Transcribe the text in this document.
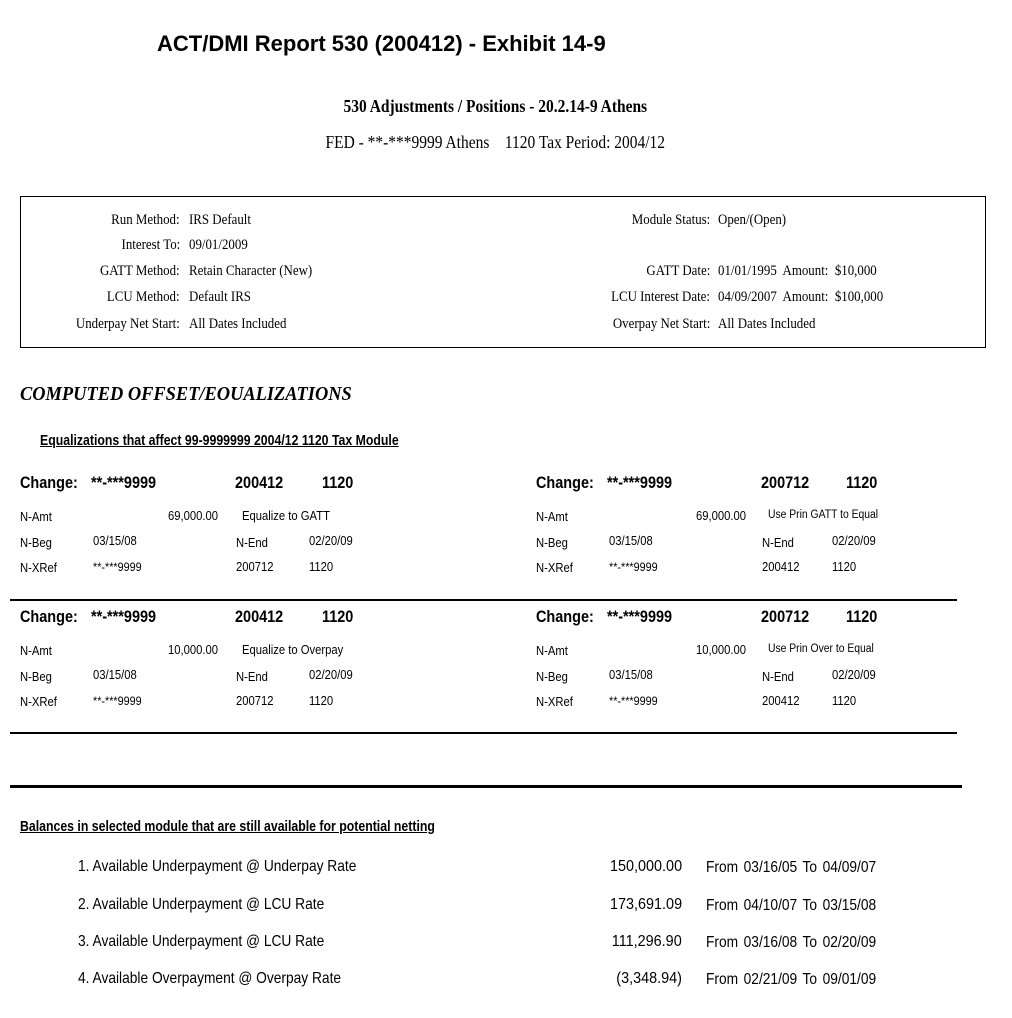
ACT/DMI Report 530 (200412) - Exhibit 14-9
530 Adjustments / Positions - 20.2.14-9 Athens
FED - **-***9999 Athens    1120 Tax Period: 2004/12
Run Method: IRS Default
Interest To: 09/01/2009
GATT Method: Retain Character (New)
LCU Method: Default IRS
Underpay Net Start: All Dates Included
Module Status: Open/(Open)
GATT Date: 01/01/1995  Amount:  $10,000
LCU Interest Date: 04/09/2007  Amount:  $100,000
Overpay Net Start: All Dates Included
COMPUTED OFFSET/EOUALIZATIONS
Equalizations that affect 99-9999999 2004/12 1120 Tax Module
Change: **-***9999	200412 1120
N-Amt	69,000.00 Equalize to GATT
N-Beg	03/15/08	N-End	02/20/09
N-XRef	**-***9999	200712	1120
Change: **-***9999	200712 1120
N-Amt	69,000.00 Use Prin GATT to Equal
N-Beg	03/15/08	N-End	02/20/09
N-XRef	**-***9999	200412	1120
Change: **-***9999	200412 1120
N-Amt	10,000.00 Equalize to Overpay
N-Beg	03/15/08	N-End	02/20/09
N-XRef	**-***9999	200712	1120
Change: **-***9999	200712 1120
N-Amt	10,000.00 Use Prin Over to Equal
N-Beg	03/15/08	N-End	02/20/09
N-XRef	**-***9999	200412	1120
Balances in selected module that are still available for potential netting
1. Available Underpayment @ Underpay Rate	150,000.00 From 03/16/05 To 04/09/07
2. Available Underpayment @ LCU Rate	173,691.09 From 04/10/07 To 03/15/08
3. Available Underpayment @ LCU Rate	111,296.90 From 03/16/08 To 02/20/09
4. Available Overpayment @ Overpay Rate	(3,348.94) From 02/21/09 To 09/01/09
